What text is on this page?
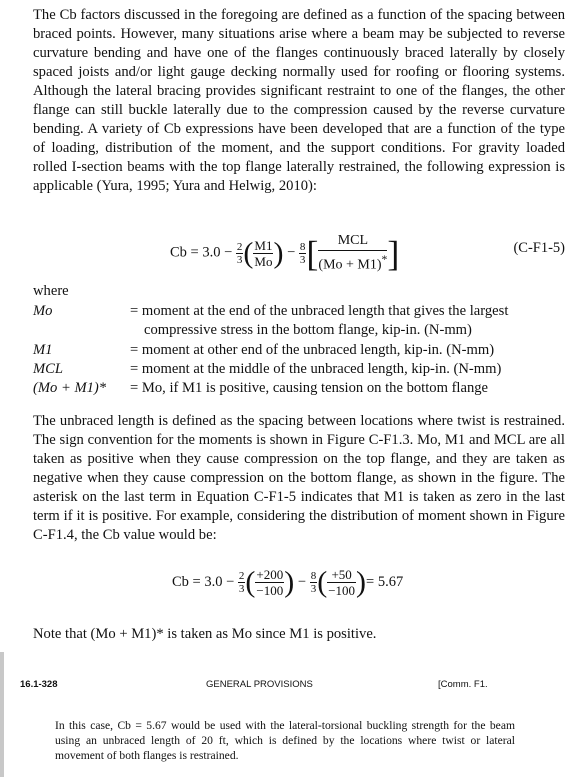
The Cb factors discussed in the foregoing are defined as a function of the spacing between braced points. However, many situations arise where a beam may be subjected to reverse curvature bending and have one of the flanges continuously braced laterally by closely spaced joists and/or light gauge decking normally used for roofing or flooring systems. Although the lateral bracing provides significant restraint to one of the flanges, the other flange can still buckle laterally due to the compression caused by the reverse curvature bending. A variety of Cb expressions have been developed that are a function of the type of loading, distribution of the moment, and the support conditions. For gravity loaded rolled I-section beams with the top flange laterally restrained, the following expression is applicable (Yura, 1995; Yura and Helwig, 2010):

$Cb = 3.0 - \frac{2}{3}$ ( $\frac{M1}{Mo}$ ) − $\frac{8}{3}$ [ $\frac{\text{MCL}}{(Mo + M1)^*}$ ]	(C-F1-5)
where
Mo	= moment at the end of the unbraced length that gives the largest
compressive stress in the bottom flange, kip-in. (N-mm)
M1	= moment at other end of the unbraced length, kip-in. (N-mm)
MCL	= moment at the middle of the unbraced length, kip-in. (N-mm)
(Mo + M1)*	= Mo, if M1 is positive, causing tension on the bottom flange

The unbraced length is defined as the spacing between locations where twist is restrained. The sign convention for the moments is shown in Figure C-F1.3. Mo, M1 and MCL are all taken as positive when they cause compression on the top flange, and they are taken as negative when they cause compression on the bottom flange, as shown in the figure. The asterisk on the last term in Equation C-F1-5 indicates that M1 is taken as zero in the last term if it is positive. For example, considering the distribution of moment shown in Figure C-F1.4, the Cb value would be:

$Cb = 3.0 - \frac{2}{3}$ ( $\frac{+200}{-100}$ ) − $\frac{8}{3}$ ( $\frac{+50}{-100}$ )= 5.67

Note that (Mo + M1)* is taken as Mo since M1 is positive.

16.1-328	GENERAL PROVISIONS	[Comm. F1.

In this case, Cb = 5.67 would be used with the lateral-torsional buckling strength for the beam using an unbraced length of 20 ft, which is defined by the locations where twist or lateral movement of both flanges is restrained.
